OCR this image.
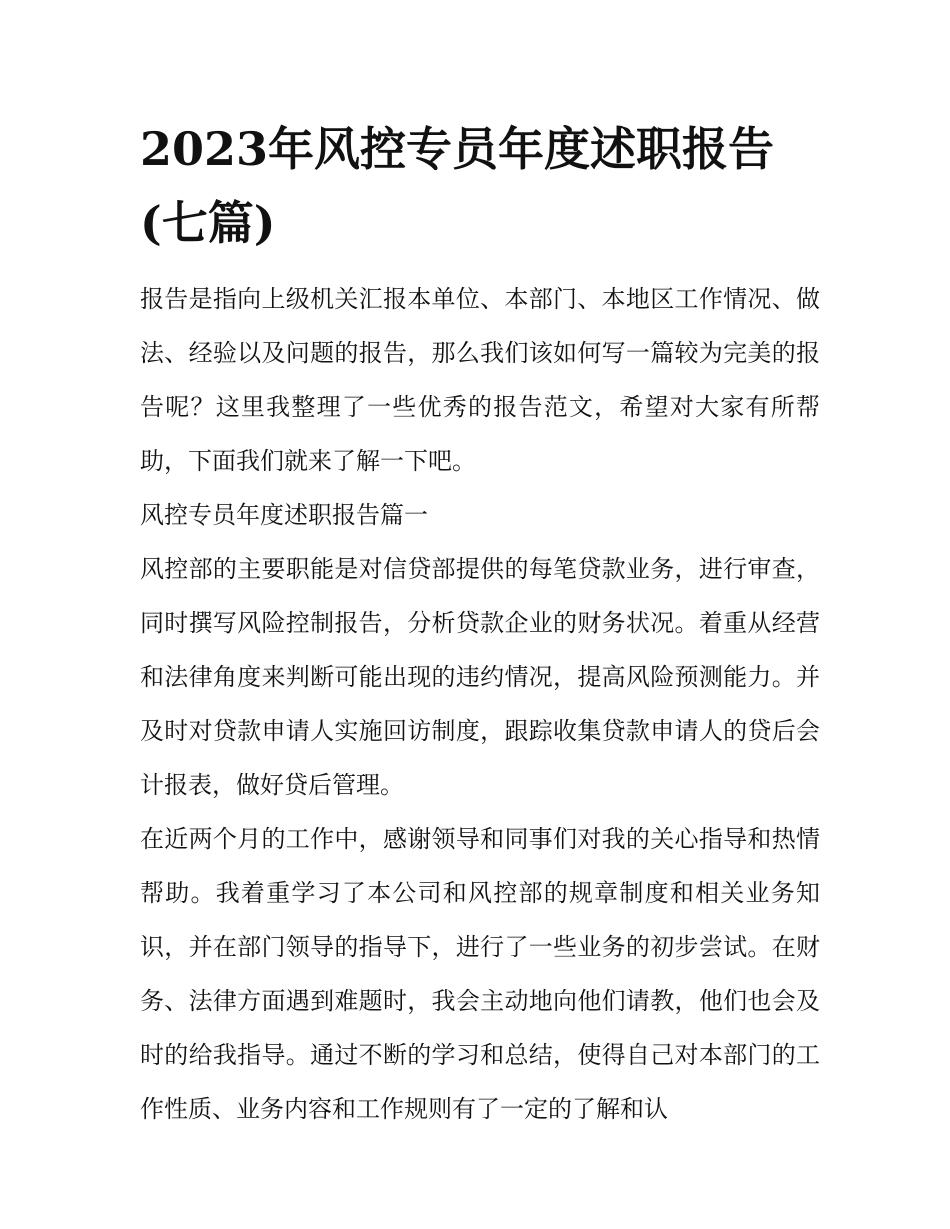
2023年风控专员年度述职报告(七篇)

报告是指向上级机关汇报本单位、本部门、本地区工作情况、做法、经验以及问题的报告，那么我们该如何写一篇较为完美的报告呢？这里我整理了一些优秀的报告范文，希望对大家有所帮助，下面我们就来了解一下吧。

风控专员年度述职报告篇一

风控部的主要职能是对信贷部提供的每笔贷款业务，进行审查，同时撰写风险控制报告，分析贷款企业的财务状况。着重从经营和法律角度来判断可能出现的违约情况，提高风险预测能力。并及时对贷款申请人实施回访制度，跟踪收集贷款申请人的贷后会计报表，做好贷后管理。

在近两个月的工作中，感谢领导和同事们对我的关心指导和热情帮助。我着重学习了本公司和风控部的规章制度和相关业务知识，并在部门领导的指导下，进行了一些业务的初步尝试。在财务、法律方面遇到难题时，我会主动地向他们请教，他们也会及时的给我指导。通过不断的学习和总结，使得自己对本部门的工作性质、业务内容和工作规则有了一定的了解和认
